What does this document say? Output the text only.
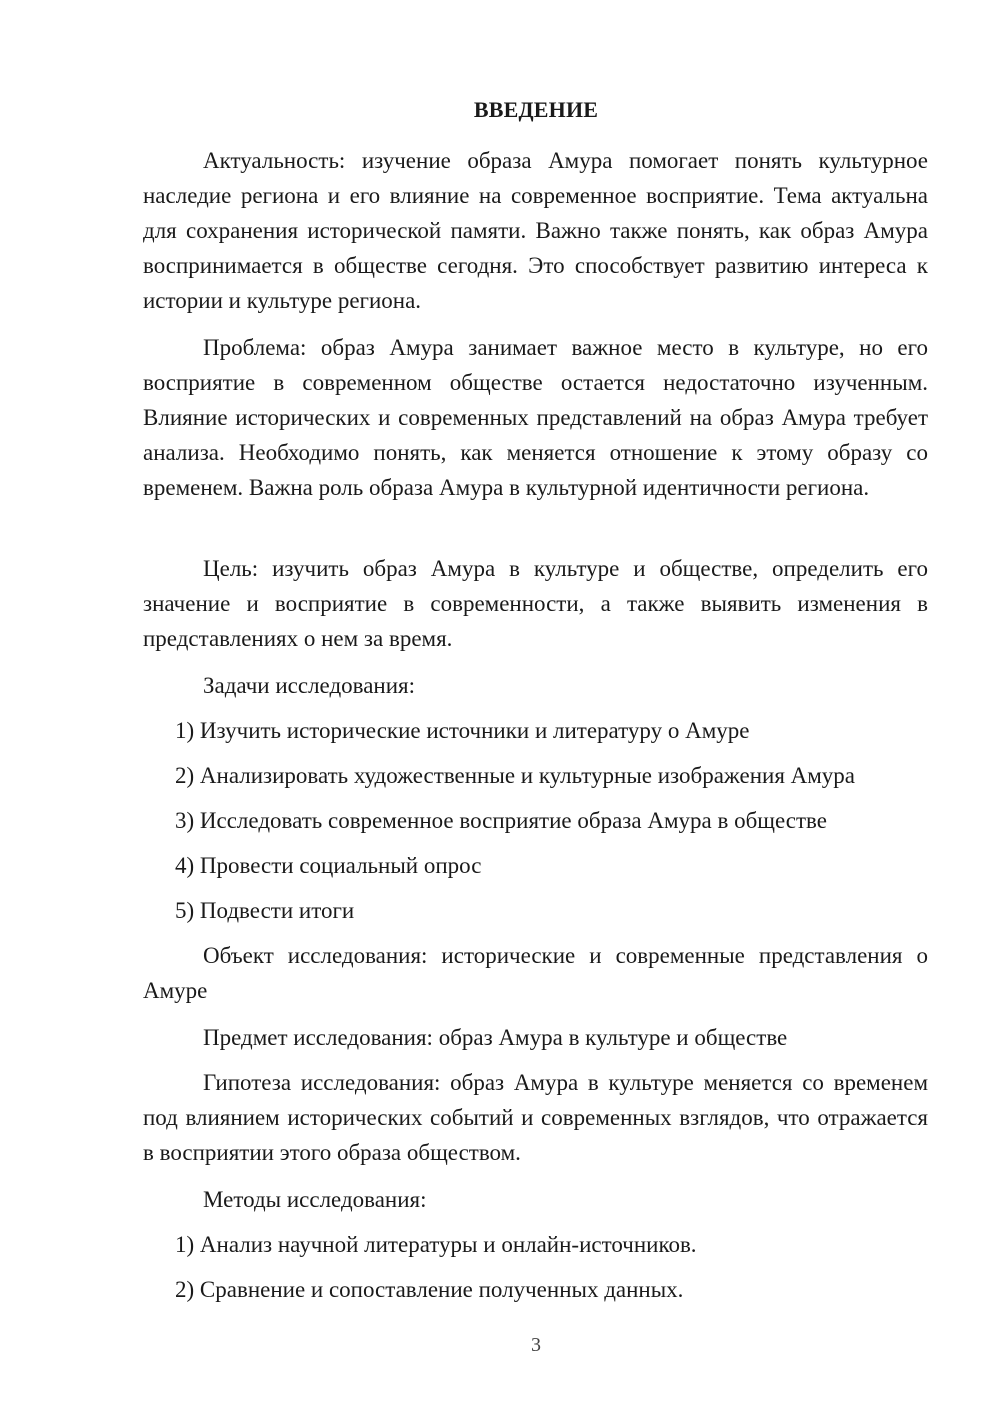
ВВЕДЕНИЕ

Актуальность: изучение образа Амура помогает понять культурное наследие региона и его влияние на современное восприятие. Тема актуальна для сохранения исторической памяти. Важно также понять, как образ Амура воспринимается в обществе сегодня. Это способствует развитию интереса к истории и культуре региона.

Проблема: образ Амура занимает важное место в культуре, но его восприятие в современном обществе остается недостаточно изученным. Влияние исторических и современных представлений на образ Амура требует анализа. Необходимо понять, как меняется отношение к этому образу со временем. Важна роль образа Амура в культурной идентичности региона.

Цель: изучить образ Амура в культуре и обществе, определить его значение и восприятие в современности, а также выявить изменения в представлениях о нем за время.

Задачи исследования:

1) Изучить исторические источники и литературу о Амуре

2) Анализировать художественные и культурные изображения Амура

3) Исследовать современное восприятие образа Амура в обществе

4) Провести социальный опрос

5) Подвести итоги

Объект исследования: исторические и современные представления о Амуре

Предмет исследования: образ Амура в культуре и обществе

Гипотеза исследования: образ Амура в культуре меняется со временем под влиянием исторических событий и современных взглядов, что отражается в восприятии этого образа обществом.

Методы исследования:

1) Анализ научной литературы и онлайн-источников.

2) Сравнение и сопоставление полученных данных.

3
